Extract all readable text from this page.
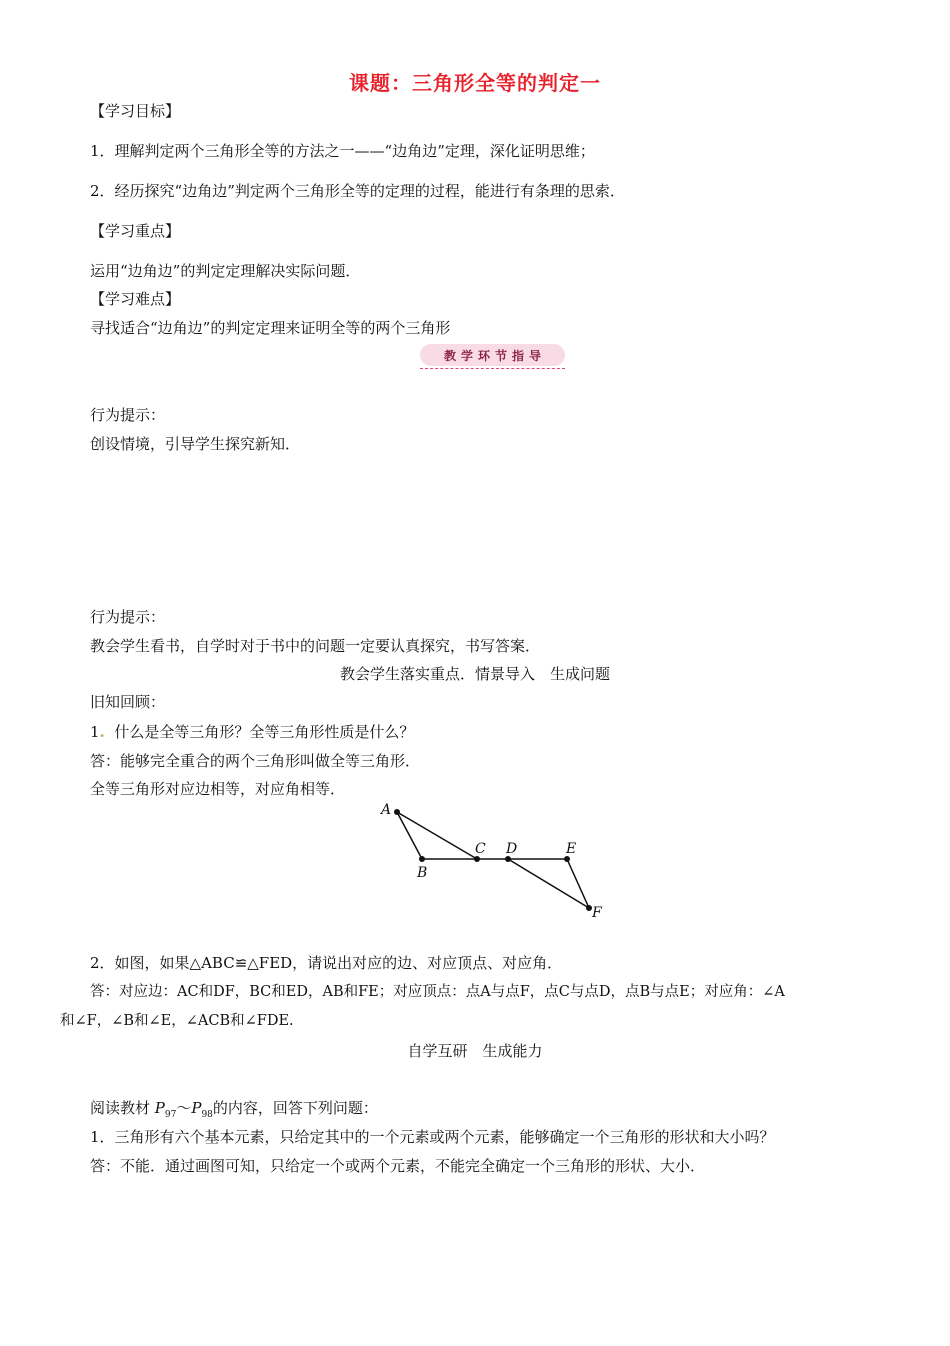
课题：三角形全等的判定一
【学习目标】
1．理解判定两个三角形全等的方法之一——“边角边”定理，深化证明思维；
2．经历探究“边角边”判定两个三角形全等的定理的过程，能进行有条理的思索．
【学习重点】
运用“边角边”的判定定理解决实际问题．
【学习难点】
寻找适合“边角边”的判定定理来证明全等的两个三角形
教学环节指导
行为提示：
创设情境，引导学生探究新知．
行为提示：
教会学生看书，自学时对于书中的问题一定要认真探究，书写答案．
教会学生落实重点．情景导入　生成问题
旧知回顾：
1. 什么是全等三角形？全等三角形性质是什么？
答：能够完全重合的两个三角形叫做全等三角形．
全等三角形对应边相等，对应角相等．
A
B
C D	E
F
2．如图，如果△ABC≌△FED，请说出对应的边、对应顶点、对应角．
答：对应边：AC和DF，BC和ED，AB和FE；对应顶点：点A与点F，点C与点D，点B与点E；对应角：∠A
和∠F，∠B和∠E，∠ACB和∠FDE.
自学互研　生成能力
阅读教材 $P_{97}\sim P_{98}$的内容，回答下列问题：
1．三角形有六个基本元素，只给定其中的一个元素或两个元素，能够确定一个三角形的形状和大小吗？
答：不能．通过画图可知，只给定一个或两个元素，不能完全确定一个三角形的形状、大小．
